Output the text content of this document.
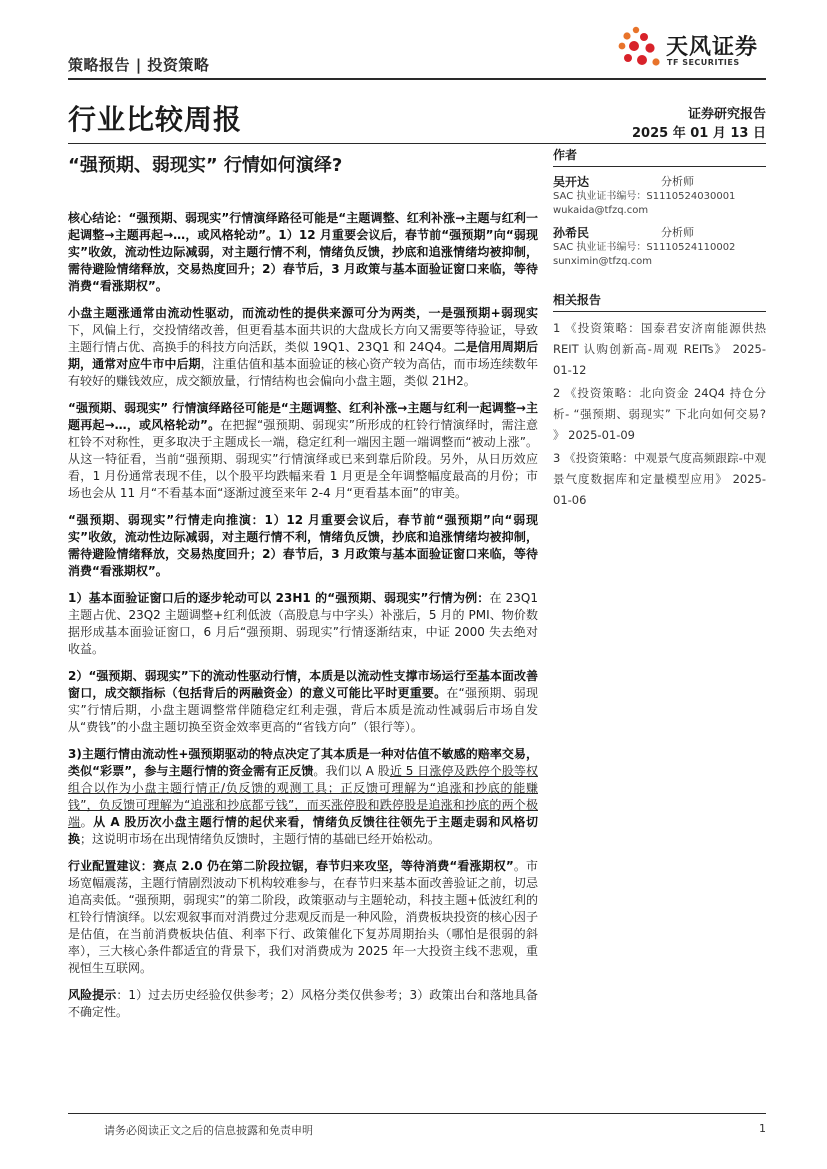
策略报告 | 投资策略
天风证券
TF SECURITIES
行业比较周报	证券研究报告
2025 年 01 月 13 日
“强预期、弱现实” 行情如何演绎?

核心结论：“强预期、弱现实”行情演绎路径可能是“主题调整、红利补涨→主题与红利一起调整→主题再起→…，或风格轮动”。1）12 月重要会议后，春节前“强预期”向“弱现实”收敛，流动性边际减弱，对主题行情不利，情绪负反馈，抄底和追涨情绪均被抑制，需待避险情绪释放，交易热度回升；2）春节后，3 月政策与基本面验证窗口来临，等待消费“看涨期权”。

小盘主题涨通常由流动性驱动，而流动性的提供来源可分为两类，一是强预期+弱现实下，风偏上行，交投情绪改善，但更看基本面共识的大盘成长方向又需要等待验证，导致主题行情占优、高换手的科技方向活跃，类似 19Q1、23Q1 和 24Q4。二是信用周期后期，通常对应牛市中后期，注重估值和基本面验证的核心资产较为高估，而市场连续数年有较好的赚钱效应，成交额放量，行情结构也会偏向小盘主题，类似 21H2。

“强预期、弱现实” 行情演绎路径可能是“主题调整、红利补涨→主题与红利一起调整→主题再起→…，或风格轮动”。在把握“强预期、弱现实”所形成的杠铃行情演绎时，需注意杠铃不对称性，更多取决于主题成长一端，稳定红利一端因主题一端调整而“被动上涨”。从这一特征看，当前“强预期、弱现实”行情演绎或已来到靠后阶段。另外，从日历效应看，1 月份通常表现不佳，以个股平均跌幅来看 1 月更是全年调整幅度最高的月份；市场也会从 11 月“不看基本面“逐渐过渡至来年 2-4 月“更看基本面”的审美。

“强预期、弱现实”行情走向推演：1）12 月重要会议后，春节前“强预期”向“弱现实”收敛，流动性边际减弱，对主题行情不利，情绪负反馈，抄底和追涨情绪均被抑制，需待避险情绪释放，交易热度回升；2）春节后，3 月政策与基本面验证窗口来临，等待消费“看涨期权”。

1）基本面验证窗口后的逐步轮动可以 23H1 的“强预期、弱现实”行情为例：在 23Q1 主题占优、23Q2 主题调整+红利低波（高股息与中字头）补涨后，5 月的 PMI、物价数据形成基本面验证窗口，6 月后“强预期、弱现实”行情逐渐结束，中证 2000 失去绝对收益。

2）“强预期、弱现实”下的流动性驱动行情，本质是以流动性支撑市场运行至基本面改善窗口，成交额指标（包括背后的两融资金）的意义可能比平时更重要。在“强预期、弱现实”行情后期，小盘主题调整常伴随稳定红利走强，背后本质是流动性减弱后市场自发从“费钱”的小盘主题切换至资金效率更高的“省钱方向”（银行等）。

3)主题行情由流动性+强预期驱动的特点决定了其本质是一种对估值不敏感的赔率交易，类似“彩票”，参与主题行情的资金需有正反馈。我们以 A 股近 5 日涨停及跌停个股等权组合以作为小盘主题行情正/负反馈的观测工具；正反馈可理解为“追涨和抄底的能赚钱”，负反馈可理解为“追涨和抄底都亏钱”，而买涨停股和跌停股是追涨和抄底的两个极端。从 A 股历次小盘主题行情的起伏来看，情绪负反馈往往领先于主题走弱和风格切换；这说明市场在出现情绪负反馈时，主题行情的基础已经开始松动。

行业配置建议：赛点 2.0 仍在第二阶段拉锯，春节归来攻坚，等待消费“看涨期权”。市场宽幅震荡，主题行情剧烈波动下机构较难参与，在春节归来基本面改善验证之前，切忌追高卖低。“强预期，弱现实”的第二阶段，政策驱动与主题轮动，科技主题+低波红利的杠铃行情演绎。以宏观叙事而对消费过分悲观反而是一种风险，消费板块投资的核心因子是估值，在当前消费板块估值、利率下行、政策催化下复苏周期抬头（哪怕是很弱的斜率），三大核心条件都适宜的背景下，我们对消费成为 2025 年一大投资主线不悲观，重视恒生互联网。

风险提示：1）过去历史经验仅供参考；2）风格分类仅供参考；3）政策出台和落地具备不确定性。

作者
吴开达	分析师
SAC 执业证书编号：S1110524030001
wukaida@tfzq.com
孙希民	分析师
SAC 执业证书编号：S1110524110002
sunximin@tfzq.com
相关报告
1 《投资策略：国泰君安济南能源供热 REIT 认购创新高-周观 REITs》 2025-01-12
2 《投资策略：北向资金 24Q4 持仓分析- “强预期、弱现实” 下北向如何交易? 》 2025-01-09
3 《投资策略：中观景气度高频跟踪-中观景气度数据库和定量模型应用》 2025-01-06
请务必阅读正文之后的信息披露和免责申明	1
